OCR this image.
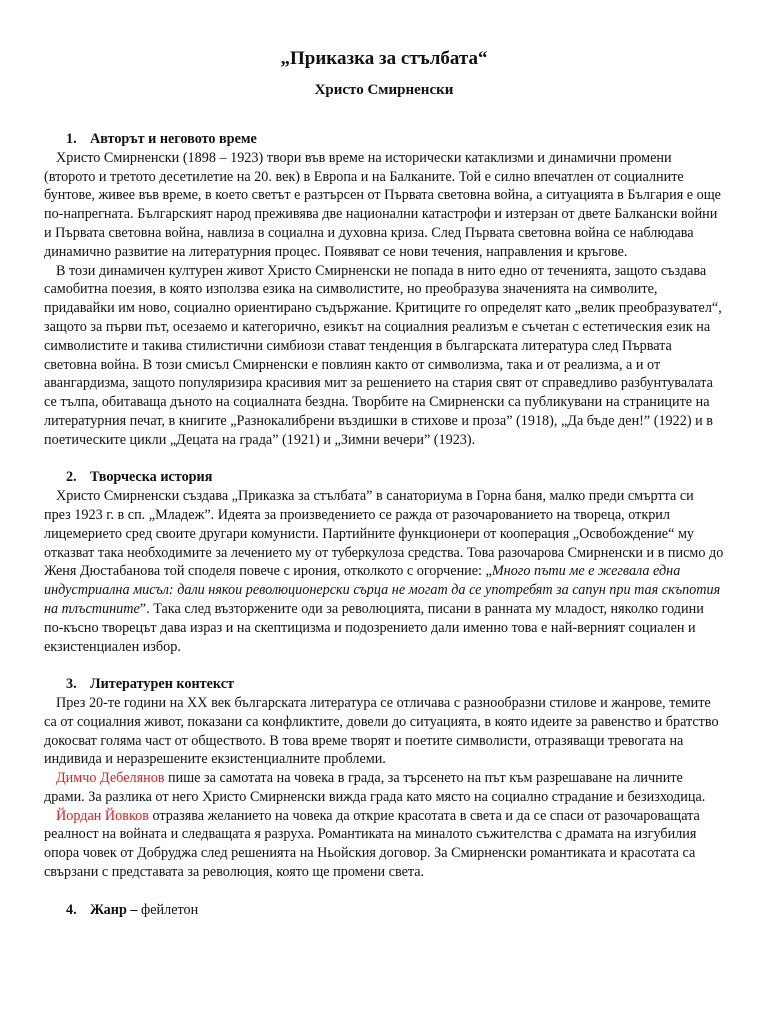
„Приказка за стълбата“
Христо Смирненски
1. Авторът и неговото време

Христо Смирненски (1898 – 1923) твори във време на исторически катаклизми и динамични промени (второто и третото десетилетие на 20. век) в Европа и на Балканите. Той е силно впечатлен от социалните бунтове, живее във време, в което светът е разтърсен от Първата световна война, а ситуацията в България е още по-напрегната. Българският народ преживява две национални катастрофи и изтерзан от двете Балкански войни и Първата световна война, навлиза в социална и духовна криза. След Първата световна война се наблюдава динамично развитие на литературния процес. Появяват се нови течения, направления и кръгове.

В този динамичен културен живот Христо Смирненски не попада в нито едно от теченията, защото създава самобитна поезия, в която използва езика на символистите, но преобразува значенията на символите, придавайки им ново, социално ориентирано съдържание. Критиците го определят като „велик преобразувател“, защото за първи път, осезаемо и категорично, езикът на социалния реализъм е съчетан с естетическия език на символистите и такива стилистични симбиози стават тенденция в българската литература след Първата световна война. В този смисъл Смирненски е повлиян както от символизма, така и от реализма, а и от авангардизма, защото популяризира красивия мит за решението на стария свят от справедливо разбунтувалата се тълпа, обитаваща дъното на социалната бездна. Творбите на Смирненски са публикувани на страниците на литературния печат, в книгите „Разнокалибрени въздишки в стихове и проза” (1918), „Да бъде ден!” (1922) и в поетическите цикли „Децата на града” (1921) и „Зимни вечери” (1923).

2. Творческа история

Христо Смирненски създава „Приказка за стълбата” в санаториума в Горна баня, малко преди смъртта си през 1923 г. в сп. „Младеж”. Идеята за произведението се ражда от разочарованието на твореца, открил лицемерието сред своите другари комунисти. Партийните функционери от кооперация „Освобождение“ му отказват така необходимите за лечението му от туберкулоза средства. Това разочарова Смирненски и в писмо до Женя Дюстабанова той споделя повече с ирония, отколкото с огорчение: „Много пъти ме е жегвала една индустриална мисъл: дали някои революционерски сърца не могат да се употребят за сапун при тая скъпотия на тлъстините”. Така след възторжените оди за революцията, писани в ранната му младост, няколко години по-късно творецът дава израз и на скептицизма и подозрението дали именно това е най-верният социален и екзистенциален избор.

3. Литературен контекст

През 20-те години на ХХ век българската литература се отличава с разнообразни стилове и жанрове, темите са от социалния живот, показани са конфликтите, довели до ситуацията, в която идеите за равенство и братство докосват голяма част от обществото. В това време творят и поетите символисти, отразяващи тревогата на индивида и неразрешените екзистенциалните проблеми.

Димчо Дебелянов пише за самотата на човека в града, за търсенето на път към разрешаване на личните драми. За разлика от него Христо Смирненски вижда града като място на социално страдание и безизходица.

Йордан Йовков отразява желанието на човека да открие красотата в света и да се спаси от разочароващата реалност на войната и следващата я разруха. Романтиката на миналото съжителства с драмата на изгубилия опора човек от Добруджа след решенията на Ньойския договор. За Смирненски романтиката и красотата са свързани с представата за революция, която ще промени света.

4. Жанр – фейлетон
